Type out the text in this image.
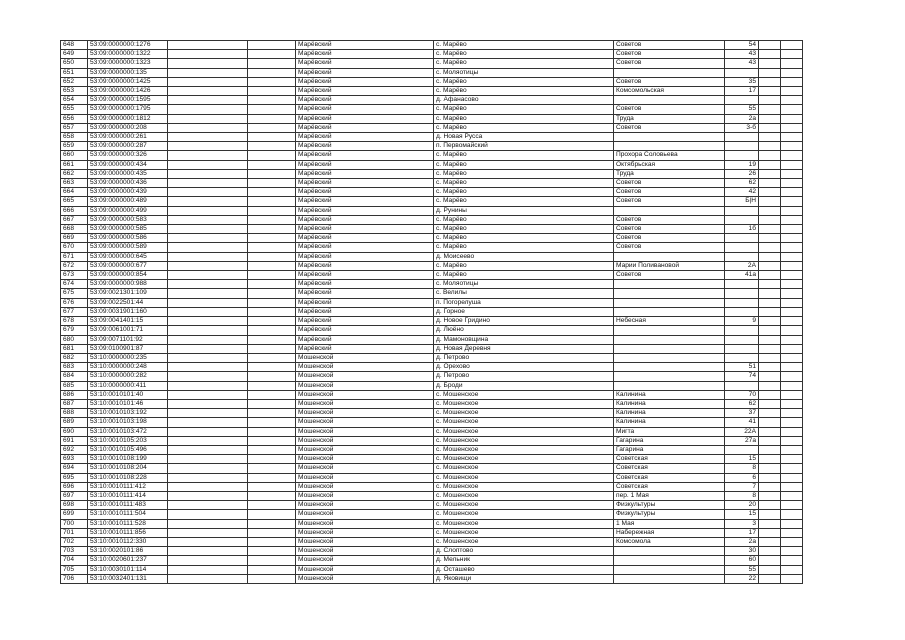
648	53:09:0000000:1276			Марёвский	с. Марёво	Советов	54		
649	53:09:0000000:1322			Марёвский	с. Марёво	Советов	43		
650	53:09:0000000:1323			Марёвский	с. Марёво	Советов	43		
651	53:09:0000000:135			Марёвский	с. Моляотицы				
652	53:09:0000000:1425			Марёвский	с. Марёво	Советов	35		
653	53:09:0000000:1426			Марёвский	с. Марёво	Комсомольская	17		
654	53:09:0000000:1595			Марёвский	д. Афанасово				
655	53:09:0000000:1795			Марёвский	с. Марёво	Советов	55		
656	53:09:0000000:1812			Марёвский	с. Марёво	Труда	2а		
657	53:09:0000000:208			Марёвский	с. Марёво	Советов	3-б		
658	53:09:0000000:261			Марёвский	д. Новая Русса				
659	53:09:0000000:287			Марёвский	п. Первомайский				
660	53:09:0000000:326			Марёвский	с. Марёво	Прохора Соловьева			
661	53:09:0000000:434			Марёвский	с. Марёво	Октябрьская	19		
662	53:09:0000000:435			Марёвский	с. Марёво	Труда	26		
663	53:09:0000000:436			Марёвский	с. Марёво	Советов	62		
664	53:09:0000000:439			Марёвский	с. Марёво	Советов	42		
665	53:09:0000000:489			Марёвский	с. Марёво	Советов	Б|Н		
666	53:09:0000000:499			Марёвский	д. Рунины				
667	53:09:0000000:583			Марёвский	с. Марёво	Советов			
668	53:09:0000000:585			Марёвский	с. Марёво	Советов	1б		
669	53:09:0000000:586			Марёвский	с. Марёво	Советов			
670	53:09:0000000:589			Марёвский	с. Марёво	Советов			
671	53:09:0000000:645			Марёвский	д. Моисеево				
672	53:09:0000000:677			Марёвский	с. Марёво	Марии Поливановой	2А		
673	53:09:0000000:854			Марёвский	с. Марёво	Советов	41а		
674	53:09:0000000:988			Марёвский	с. Моляотицы				
675	53:09:0021301:109			Марёвский	с. Велилы				
676	53:09:0022501:44			Марёвский	п. Погорелуша				
677	53:09:0031901:160			Марёвский	д. Горное				
678	53:09:0041401:15			Марёвский	д. Новое Гридино	Небесная	9		
679	53:09:0061001:71			Марёвский	д. Люёно				
680	53:09:0071101:92			Марёвский	д. Мамоновщина				
681	53:09:0100901:87			Марёвский	д. Новая Деревня				
682	53:10:0000000:235			Мошенской	д. Петрово				
683	53:10:0000000:248			Мошенской	д. Орехово		51		
684	53:10:0000000:282			Мошенской	д. Петрово		74		
685	53:10:0000000:411			Мошенской	д. Броди				
686	53:10:0010101:40			Мошенской	с. Мошенское	Калинина	70		
687	53:10:0010101:46			Мошенской	с. Мошенское	Калинина	62		
688	53:10:0010103:192			Мошенской	с. Мошенское	Калинина	37		
689	53:10:0010103:198			Мошенской	с. Мошенское	Калинина	41		
690	53:10:0010103:472			Мошенской	с. Мошенское	Мигта	22А		
691	53:10:0010105:203			Мошенской	с. Мошенское	Гагарина	27а		
692	53:10:0010105:496			Мошенской	с. Мошенское	Гагарина			
693	53:10:0010108:199			Мошенской	с. Мошенское	Советская	15		
694	53:10:0010108:204			Мошенской	с. Мошенское	Советская	8		
695	53:10:0010108:228			Мошенской	с. Мошенское	Советская	6		
696	53:10:0010111:412			Мошенской	с. Мошенское	Советская	7		
697	53:10:0010111:414			Мошенской	с. Мошенское	пер. 1 Мая	8		
698	53:10:0010111:483			Мошенской	с. Мошенское	Физкультуры	20		
699	53:10:0010111:504			Мошенской	с. Мошенское	Физкультуры	15		
700	53:10:0010111:528			Мошенской	с. Мошенское	1 Мая	3		
701	53:10:0010111:856			Мошенской	с. Мошенское	Набережная	17		
702	53:10:0010112:330			Мошенской	с. Мошенское	Комсомола	2а		
703	53:10:0020101:86			Мошенской	д. Слоптово		30		
704	53:10:0020601:237			Мошенской	д. Мельник		60		
705	53:10:0030101:114			Мошенской	д. Осташево		55		
706	53:10:0032401:131			Мошенской	д. Яковищи		22		
